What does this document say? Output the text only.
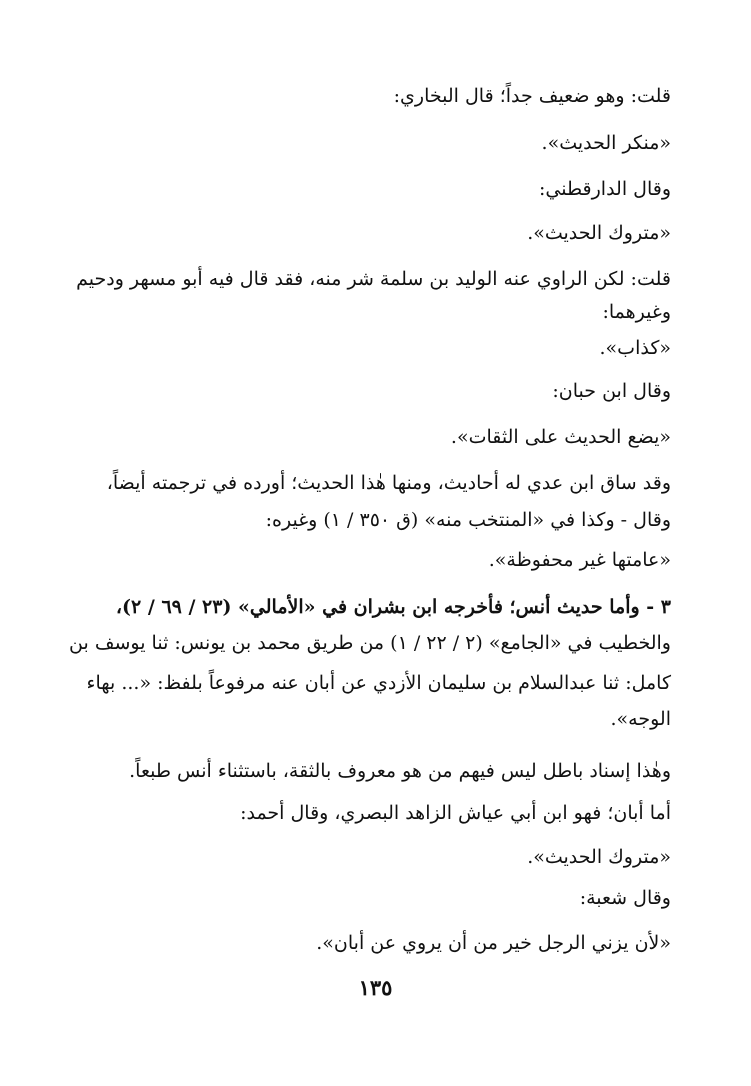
قلت: وهو ضعيف جداً؛ قال البخاري:
«منكر الحديث».
وقال الدارقطني:
«متروك الحديث».
قلت: لكن الراوي عنه الوليد بن سلمة شر منه، فقد قال فيه أبو مسهر ودحيم
وغيرهما:
«كذاب».
وقال ابن حبان:
«يضع الحديث على الثقات».
وقد ساق ابن عدي له أحاديث، ومنها هٰذا الحديث؛ أورده في ترجمته أيضاً،
وقال - وكذا في «المنتخب منه» (ق ٣٥٠ / ١) وغيره:
«عامتها غير محفوظة».
٣ - وأما حديث أنس؛ فأخرجه ابن بشران في «الأمالي» (٢٣ / ٦٩ / ٢)،
والخطيب في «الجامع» (٢ / ٢٢ / ١) من طريق محمد بن يونس: ثنا يوسف بن
كامل: ثنا عبدالسلام بن سليمان الأزدي عن أبان عنه مرفوعاً بلفظ: «... بهاء
الوجه».
وهٰذا إسناد باطل ليس فيهم من هو معروف بالثقة، باستثناء أنس طبعاً.
أما أبان؛ فهو ابن أبي عياش الزاهد البصري، وقال أحمد:
«متروك الحديث».
وقال شعبة:
«لأن يزني الرجل خير من أن يروي عن أبان».
١٣٥
